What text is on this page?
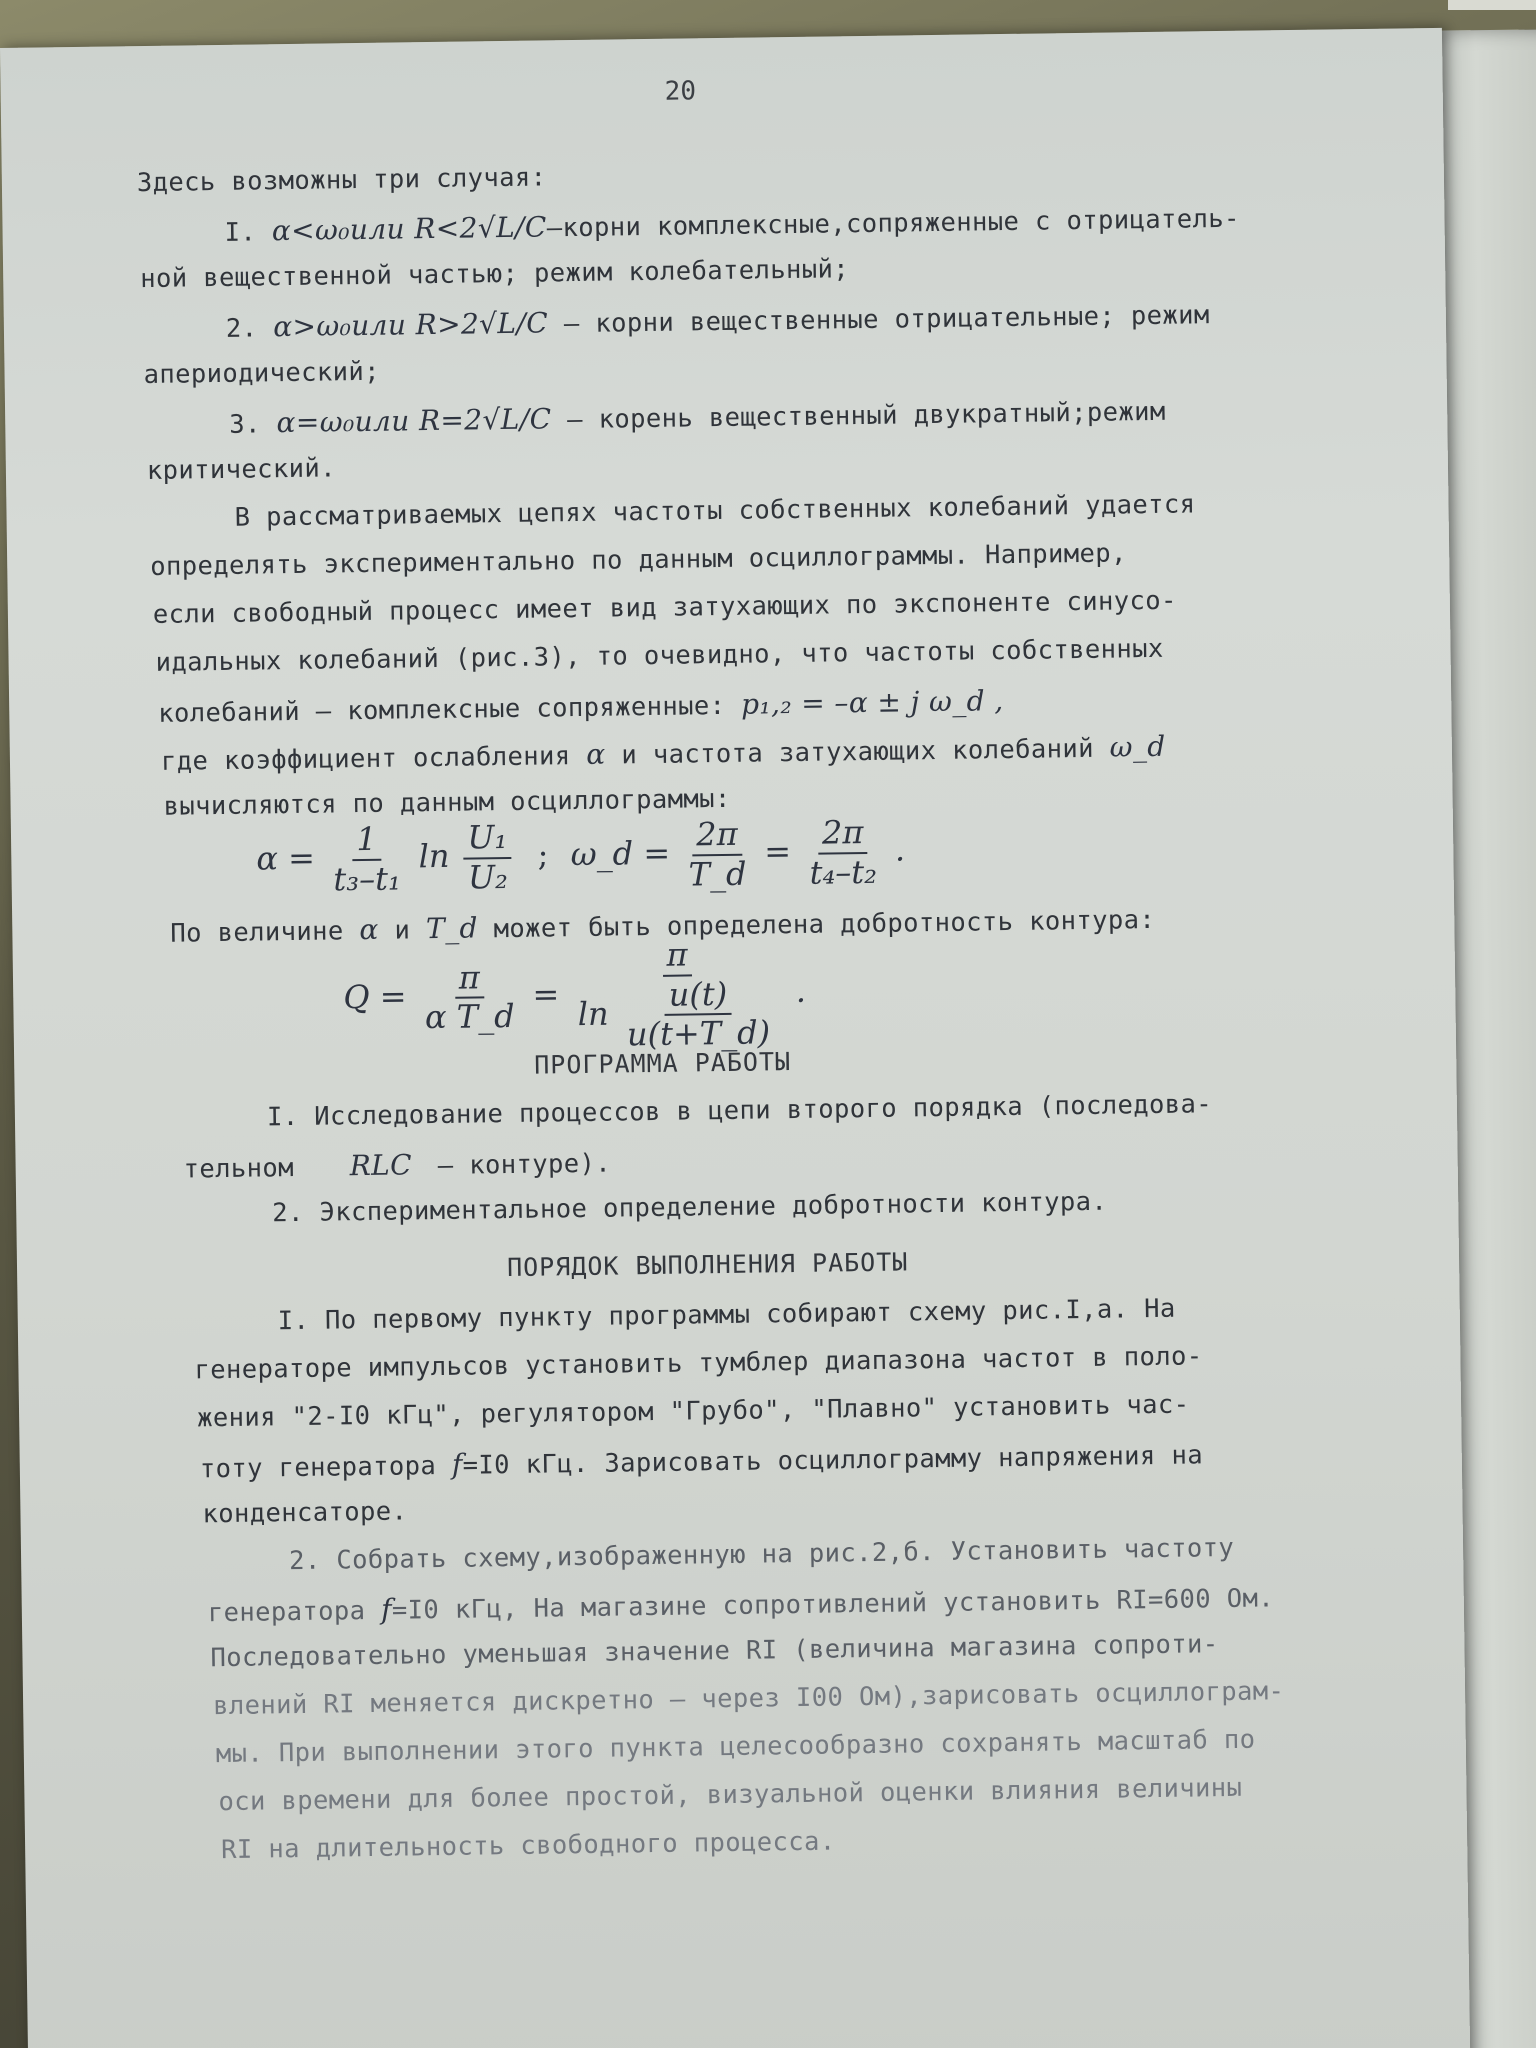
20
Здесь возможны три случая:
I. α<ω₀или R<2√L/C–корни комплексные,сопряженные с отрицатель-
ной вещественной частью; режим колебательный;
2. α>ω₀или R>2√L/C – корни вещественные отрицательные; режим
апериодический;
3. α=ω₀или R=2√L/C – корень вещественный двукратный;режим
критический.
В рассматриваемых цепях частоты собственных колебаний удается
определять экспериментально по данным осциллограммы. Например,
если свободный процесс имеет вид затухающих по экспоненте синусо-
идальных колебаний (рис.3), то очевидно, что частоты собственных
колебаний – комплексные сопряженные: p₁,₂ = –α ± j ω_d ,
где коэффициент ослабления α и частота затухающих колебаний ω_d
вычисляются по данным осциллограммы:
$\alpha = \frac{1}{\text{t₃–t₁}}$ $\ln \frac{\text{U₁}}{\text{U₂}}$ ; ω_d = $\frac{2\pi}{T\_d} = \frac{2\pi}{\text{t₄–t₂}}$ .
По величине α и T_d может быть определена добротность контура:
$Q = \frac{\pi}{\text{α T\_d}} = \frac{\pi}{\ln \frac{u(t)}{u(t+T\_d)}}$ .
ПРОГРАММА РАБОТЫ
I. Исследование процессов в цепи второго порядка (последова-
тельном RLC – контуре).
2. Экспериментальное определение добротности контура.
ПОРЯДОК ВЫПОЛНЕНИЯ РАБОТЫ
I. По первому пункту программы собирают схему рис.I,а. На
генераторе импульсов установить тумблер диапазона частот в поло-
жения "2-I0 кГц", регулятором "Грубо", "Плавно" установить час-
тоту генератора f=I0 кГц. Зарисовать осциллограмму напряжения на
конденсаторе.
2. Собрать схему,изображенную на рис.2,б. Установить частоту
генератора f=I0 кГц, На магазине сопротивлений установить RI=600 Ом.
Последовательно уменьшая значение RI (величина магазина сопроти-
влений RI меняется дискретно – через I00 Ом),зарисовать осциллограм-
мы. При выполнении этого пункта целесообразно сохранять масштаб по
оси времени для более простой, визуальной оценки влияния величины
RI на длительность свободного процесса.
